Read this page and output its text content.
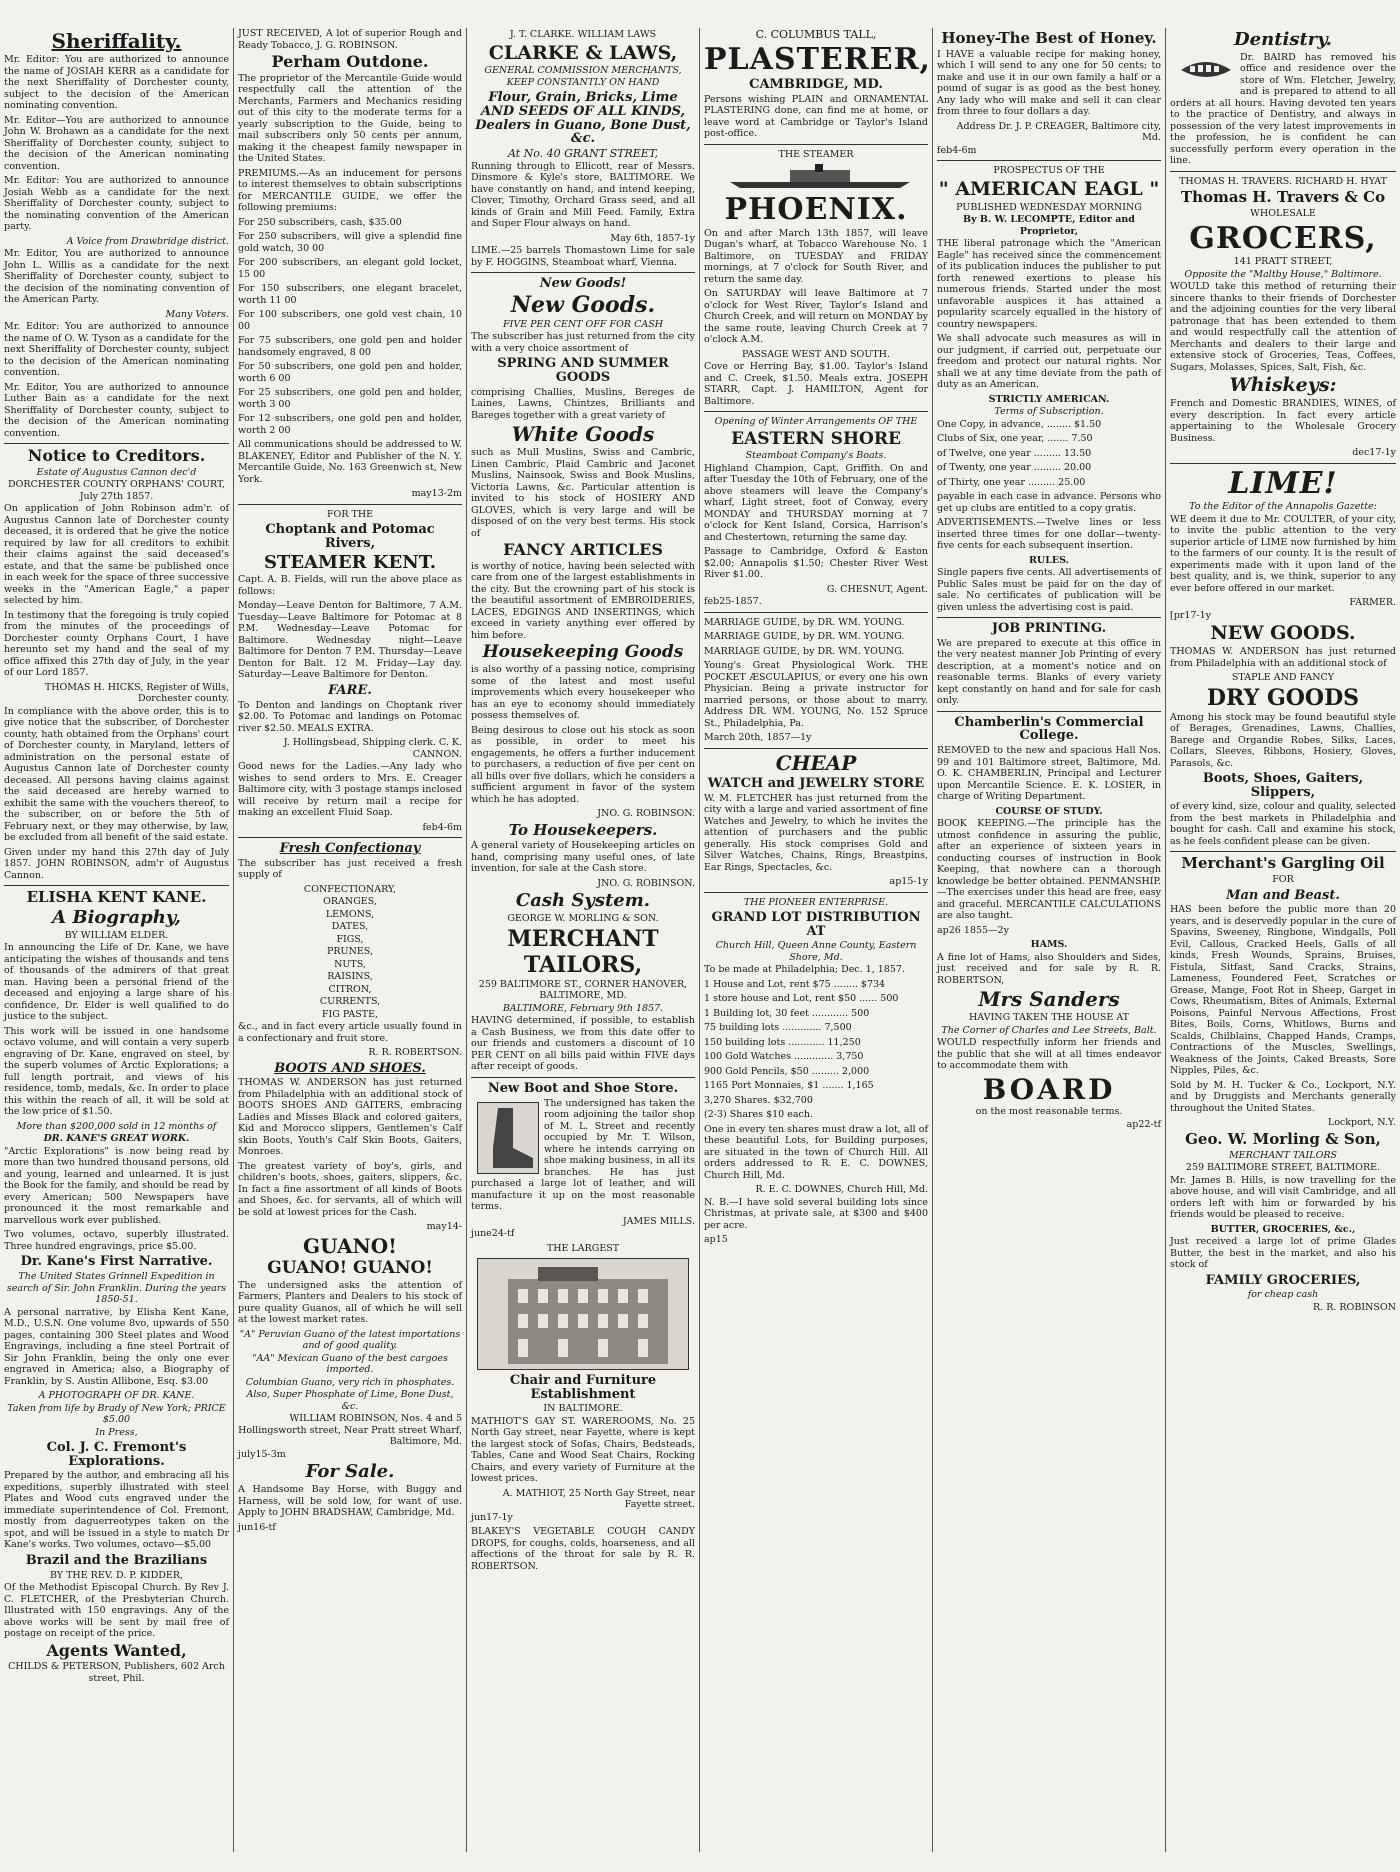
Sheriffality.

Mr. Editor: You are authorized to announce the name of JOSIAH KERR as a candidate for the next Sheriffality of Dorchester county, subject to the decision of the American nominating convention.

Mr. Editor—You are authorized to announce John W. Brohawn as a candidate for the next Sheriffality of Dorchester county, subject to the decision of the American nominating convention.

Mr. Editor: You are authorized to announce Josiah Webb as a candidate for the next Sheriffality of Dorchester county, subject to the nominating convention of the American party.

A Voice from Drawbridge district.

Mr. Editor, You are authorized to announce John L. Willis as a candidate for the next Sheriffality of Dorchester county, subject to the decision of the nominating convention of the American Party.

Many Voters.

Mr. Editor: You are authorized to announce the name of O. W. Tyson as a candidate for the next Sheriffality of Dorchester county, subject to the decision of the American nominating convention.

Mr. Editor, You are authorized to announce Luther Bain as a candidate for the next Sheriffality of Dorchester county, subject to the decision of the American nominating convention.

Notice to Creditors.

Estate of Augustus Cannon dec'd

DORCHESTER COUNTY ORPHANS' COURT, July 27th 1857.

On application of John Robinson adm'r. of Augustus Cannon late of Dorchester county deceased, it is ordered that he give the notice required by law for all creditors to exhibit their claims against the said deceased's estate, and that the same be published once in each week for the space of three successive weeks in the "American Eagle," a paper selected by him.

In testimony that the foregoing is truly copied from the minutes of the proceedings of Dorchester county Orphans Court, I have hereunto set my hand and the seal of my office affixed this 27th day of July, in the year of our Lord 1857.

THOMAS H. HICKS, Register of Wills, Dorchester county.

In compliance with the above order, this is to give notice that the subscriber, of Dorchester county, hath obtained from the Orphans' court of Dorchester county, in Maryland, letters of administration on the personal estate of Augustus Cannon late of Dorchester county deceased. All persons having claims against the said deceased are hereby warned to exhibit the same with the vouchers thereof, to the subscriber, on or before the 5th of February next, or they may otherwise, by law, be excluded from all benefit of the said estate.

Given under my hand this 27th day of July 1857. JOHN ROBINSON, adm'r of Augustus Cannon.

ELISHA KENT KANE.
A Biography,

BY WILLIAM ELDER.

In announcing the Life of Dr. Kane, we have anticipating the wishes of thousands and tens of thousands of the admirers of that great man. Having been a personal friend of the deceased and enjoying a large share of his confidence, Dr. Elder is well qualified to do justice to the subject.

This work will be issued in one handsome octavo volume, and will contain a very superb engraving of Dr. Kane, engraved on steel, by the superb volumes of Arctic Explorations; a full length portrait, and views of his residence, tomb, medals, &c. In order to place this within the reach of all, it will be sold at the low price of $1.50.

More than $200,000 sold in 12 months of

DR. KANE'S GREAT WORK.

"Arctic Explorations" is now being read by more than two hundred thousand persons, old and young, learned and unlearned. It is just the Book for the family, and should be read by every American; 500 Newspapers have pronounced it the most remarkable and marvellous work ever published.

Two volumes, octavo, superbly illustrated. Three hundred engravings, price $5.00.

Dr. Kane's First Narrative.

The United States Grinnell Expedition in search of Sir. John Franklin. During the years 1850-51.

A personal narrative, by Elisha Kent Kane, M.D., U.S.N. One volume 8vo, upwards of 550 pages, containing 300 Steel plates and Wood Engravings, including a fine steel Portrait of Sir John Franklin, being the only one ever engraved in America; also, a Biography of Franklin, by S. Austin Allibone, Esq. $3.00

A PHOTOGRAPH OF DR. KANE.

Taken from life by Brady of New York; PRICE $5.00

In Press,

Col. J. C. Fremont's Explorations.

Prepared by the author, and embracing all his expeditions, superbly illustrated with steel Plates and Wood cuts engraved under the immediate superintendence of Col. Fremont, mostly from daguerreotypes taken on the spot, and will be issued in a style to match Dr Kane's works. Two volumes, octavo—$5.00

Brazil and the Brazilians

BY THE REV. D. P. KIDDER,

Of the Methodist Episcopal Church. By Rev J. C. FLETCHER, of the Presbyterian Church. Illustrated with 150 engravings. Any of the above works will be sent by mail free of postage on receipt of the price.

Agents Wanted,

CHILDS & PETERSON, Publishers, 602 Arch street, Phil.

JUST RECEIVED, A lot of superior Rough and Ready Tobacco, J. G. ROBINSON.

Perham Outdone.

The proprietor of the Mercantile Guide would respectfully call the attention of the Merchants, Farmers and Mechanics residing out of this city to the moderate terms for a yearly subscription to the Guide, being to mail subscribers only 50 cents per annum, making it the cheapest family newspaper in the United States.

PREMIUMS.—As an inducement for persons to interest themselves to obtain subscriptions for MERCANTILE GUIDE, we offer the following premiums:

For 250 subscribers, cash, $35.00

For 250 subscribers, will give a splendid fine gold watch, 30 00

For 200 subscribers, an elegant gold locket, 15 00

For 150 subscribers, one elegant bracelet, worth 11 00

For 100 subscribers, one gold vest chain, 10 00

For 75 subscribers, one gold pen and holder handsomely engraved, 8 00

For 50 subscribers, one gold pen and holder, worth 6 00

For 25 subscribers, one gold pen and holder, worth 3 00

For 12 subscribers, one gold pen and holder, worth 2 00

All communications should be addressed to W. BLAKENEY, Editor and Publisher of the N. Y. Mercantile Guide, No. 163 Greenwich st, New York.

may13-2m

FOR THE

Choptank and Potomac Rivers,
STEAMER KENT.

Capt. A. B. Fields, will run the above place as follows:

Monday—Leave Denton for Baltimore, 7 A.M. Tuesday—Leave Baltimore for Potomac at 8 P.M. Wednesday—Leave Potomac for Baltimore. Wednesday night—Leave Baltimore for Denton 7 P.M. Thursday—Leave Denton for Balt. 12 M. Friday—Lay day. Saturday—Leave Baltimore for Denton.

FARE.

To Denton and landings on Choptank river $2.00. To Potomac and landings on Potomac river $2.50. MEALS EXTRA.

J. Hollingsbead, Shipping clerk. C. K. CANNON.

Good news for the Ladies.—Any lady who wishes to send orders to Mrs. E. Creager Baltimore city, with 3 postage stamps inclosed will receive by return mail a recipe for making an excellent Fluid Soap.

feb4-6m

Fresh Confectionay

The subscriber has just received a fresh supply of

CONFECTIONARY,

ORANGES,

LEMONS,

DATES,

FIGS,

PRUNES,

NUTS,

RAISINS,

CITRON,

CURRENTS,

FIG PASTE,

&c., and in fact every article usually found in a confectionary and fruit store.

R. R. ROBERTSON.

BOOTS AND SHOES.

THOMAS W. ANDERSON has just returned from Philadelphia with an additional stock of BOOTS SHOES AND GAITERS, embracing Ladies and Misses Black and colored gaiters, Kid and Morocco slippers, Gentlemen's Calf skin Boots, Youth's Calf Skin Boots, Gaiters, Monroes.

The greatest variety of boy's, girls, and children's boots, shoes, gaiters, slippers, &c. In fact a fine assortment of all kinds of Boots and Shoes, &c. for servants, all of which will be sold at lowest prices for the Cash.

may14-

GUANO!
GUANO! GUANO!

The undersigned asks the attention of Farmers, Planters and Dealers to his stock of pure quality Guanos, all of which he will sell at the lowest market rates.

"A" Peruvian Guano of the latest importations and of good quality.

"AA" Mexican Guano of the best cargoes imported.

Columbian Guano, very rich in phosphates.

Also, Super Phosphate of Lime, Bone Dust, &c.

WILLIAM ROBINSON, Nos. 4 and 5 Hollingsworth street, Near Pratt street Wharf, Baltimore, Md.

july15-3m

For Sale.

A Handsome Bay Horse, with Buggy and Harness, will be sold low, for want of use. Apply to JOHN BRADSHAW, Cambridge, Md.

jun16-tf

J. T. CLARKE. WILLIAM LAWS

CLARKE & LAWS,

GENERAL COMMISSION MERCHANTS, KEEP CONSTANTLY ON HAND

Flour, Grain, Bricks, Lime AND SEEDS OF ALL KINDS, Dealers in Guano, Bone Dust, &c.

At No. 40 GRANT STREET,

Running through to Ellicott, rear of Messrs. Dinsmore & Kyle's store, BALTIMORE. We have constantly on hand, and intend keeping, Clover, Timothy, Orchard Grass seed, and all kinds of Grain and Mill Feed. Family, Extra and Super Flour always on hand.

May 6th, 1857-1y

LIME.—25 barrels Thomastown Lime for sale by F. HOGGINS, Steamboat wharf, Vienna.

New Goods!
New Goods.

FIVE PER CENT OFF FOR CASH

The subscriber has just returned from the city with a very choice assortment of

SPRING AND SUMMER GOODS

comprising Challies, Muslins, Bereges de Laines, Lawns, Chintzes, Brilliants and Bareges together with a great variety of

White Goods

such as Mull Muslins, Swiss and Cambric, Linen Cambric, Plaid Cambric and Jaconet Muslins, Nainsook, Swiss and Book Muslins, Victoria Lawns, &c. Particular attention is invited to his stock of HOSIERY AND GLOVES, which is very large and will be disposed of on the very best terms. His stock of

FANCY ARTICLES

is worthy of notice, having been selected with care from one of the largest establishments in the city. But the crowning part of his stock is the beautiful assortment of EMBROIDERIES, LACES, EDGINGS AND INSERTINGS, which exceed in variety anything ever offered by him before.

Housekeeping Goods

is also worthy of a passing notice, comprising some of the latest and most useful improvements which every housekeeper who has an eye to economy should immediately possess themselves of.

Being desirous to close out his stock as soon as possible, in order to meet his engagements, he offers a further inducement to purchasers, a reduction of five per cent on all bills over five dollars, which he considers a sufficient argument in favor of the system which he has adopted.

JNO. G. ROBINSON.

To Housekeepers.

A general variety of Housekeeping articles on hand, comprising many useful ones, of late invention, for sale at the Cash store.

JNO. G. ROBINSON.

Cash System.

GEORGE W. MORLING & SON.

MERCHANT
TAILORS,

259 BALTIMORE ST., CORNER HANOVER, BALTIMORE, MD.

BALTIMORE, February 9th 1857.

HAVING determined, if possible, to establish a Cash Business, we from this date offer to our friends and customers a discount of 10 PER CENT on all bills paid within FIVE days after receipt of goods.

New Boot and Shoe Store.

The undersigned has taken the room adjoining the tailor shop of M. L. Street and recently occupied by Mr. T. Wilson, where he intends carrying on shoe making business, in all its branches. He has just purchased a large lot of leather, and will manufacture it up on the most reasonable terms.

JAMES MILLS.

june24-tf

THE LARGEST

Chair and Furniture Establishment

IN BALTIMORE.

MATHIOT'S GAY ST. WAREROOMS, No. 25 North Gay street, near Fayette, where is kept the largest stock of Sofas, Chairs, Bedsteads, Tables, Cane and Wood Seat Chairs, Rocking Chairs, and every variety of Furniture at the lowest prices.

A. MATHIOT, 25 North Gay Street, near Fayette street.

jun17-1y

BLAKEY'S VEGETABLE COUGH CANDY DROPS, for coughs, colds, hoarseness, and all affections of the throat for sale by R. R. ROBERTSON.

C. COLUMBUS TALL,

PLASTERER,
CAMBRIDGE, MD.

Persons wishing PLAIN and ORNAMENTAL PLASTERING done, can find me at home, or leave word at Cambridge or Taylor's Island post-office.

THE STEAMER

PHOENIX.

On and after March 13th 1857, will leave Dugan's wharf, at Tobacco Warehouse No. 1 Baltimore, on TUESDAY and FRIDAY mornings, at 7 o'clock for South River, and return the same day.

On SATURDAY will leave Baltimore at 7 o'clock for West River, Taylor's Island and Church Creek, and will return on MONDAY by the same route, leaving Church Creek at 7 o'clock A.M.

PASSAGE WEST AND SOUTH.

Cove or Herring Bay, $1.00. Taylor's Island and C. Creek, $1.50. Meals extra. JOSEPH STARR, Capt. J. HAMILTON, Agent for Baltimore.

Opening of Winter Arrangements OF THE

EASTERN SHORE

Steamboat Company's Boats.

Highland Champion, Capt. Griffith. On and after Tuesday the 10th of February, one of the above steamers will leave the Company's wharf, Light street, foot of Conway, every MONDAY and THURSDAY morning at 7 o'clock for Kent Island, Corsica, Harrison's and Chestertown, returning the same day.

Passage to Cambridge, Oxford & Easton $2.00; Annapolis $1.50; Chester River West River $1.00.

G. CHESNUT, Agent.

feb25-1857.

MARRIAGE GUIDE, by DR. WM. YOUNG.

MARRIAGE GUIDE, by DR. WM. YOUNG.

MARRIAGE GUIDE, by DR. WM. YOUNG.

Young's Great Physiological Work. THE POCKET ÆSCULAPIUS, or every one his own Physician. Being a private instructor for married persons, or those about to marry. Address DR. WM. YOUNG, No. 152 Spruce St., Philadelphia, Pa.

March 20th, 1857—1y

CHEAP
WATCH and JEWELRY STORE

W. M. FLETCHER has just returned from the city with a large and varied assortment of fine Watches and Jewelry, to which he invites the attention of purchasers and the public generally. His stock comprises Gold and Silver Watches, Chains, Rings, Breastpins, Ear Rings, Spectacles, &c.

ap15-1y

THE PIONEER ENTERPRISE.

GRAND LOT DISTRIBUTION AT

Church Hill, Queen Anne County, Eastern Shore, Md.

To be made at Philadelphia; Dec. 1, 1857.

1 House and Lot, rent $75 ........ $734

1 store house and Lot, rent $50 ...... 500

1 Building lot, 30 feet ............ 500

75 building lots ............. 7,500

150 building lots ............ 11,250

100 Gold Watches ............. 3,750

900 Gold Pencils, $50 ......... 2,000

1165 Port Monnaies, $1 ....... 1,165

3,270 Shares. $32,700

(2-3) Shares $10 each.

One in every ten shares must draw a lot, all of these beautiful Lots, for Building purposes, are situated in the town of Church Hill. All orders addressed to R. E. C. DOWNES, Church Hill, Md.

R. E. C. DOWNES, Church Hill, Md.

N. B.—I have sold several building lots since Christmas, at private sale, at $300 and $400 per acre.

ap15

Honey-The Best of Honey.

I HAVE a valuable recipe for making honey, which I will send to any one for 50 cents; to make and use it in our own family a half or a pound of sugar is as good as the best honey. Any lady who will make and sell it can clear from three to four dollars a day.

Address Dr. J. P. CREAGER, Baltimore city, Md.

feb4-6m

PROSPECTUS OF THE

" AMERICAN EAGL "

PUBLISHED WEDNESDAY MORNING

By B. W. LECOMPTE, Editor and Proprietor,

THE liberal patronage which the "American Eagle" has received since the commencement of its publication induces the publisher to put forth renewed exertions to please his numerous friends. Started under the most unfavorable auspices it has attained a popularity scarcely equalled in the history of country newspapers.

We shall advocate such measures as will in our judgment, if carried out, perpetuate our freedom and protect our natural rights. Nor shall we at any time deviate from the path of duty as an American.

STRICTLY AMERICAN.

Terms of Subscription.

One Copy, in advance, ........ $1.50

Clubs of Six, one year, ....... 7.50

of Twelve, one year ......... 13.50

of Twenty, one year ......... 20.00

of Thirty, one year ......... 25.00

payable in each case in advance. Persons who get up clubs are entitled to a copy gratis.

ADVERTISEMENTS.—Twelve lines or less inserted three times for one dollar—twenty-five cents for each subsequent insertion.

RULES.

Single papers five cents. All advertisements of Public Sales must be paid for on the day of sale. No certificates of publication will be given unless the advertising cost is paid.

JOB PRINTING.

We are prepared to execute at this office in the very neatest manner Job Printing of every description, at a moment's notice and on reasonable terms. Blanks of every variety kept constantly on hand and for sale for cash only.

Chamberlin's Commercial College.

REMOVED to the new and spacious Hall Nos. 99 and 101 Baltimore street, Baltimore, Md. O. K. CHAMBERLIN, Principal and Lecturer upon Mercantile Science. E. K. LOSIER, in charge of Writing Department.

COURSE OF STUDY.

BOOK KEEPING.—The principle has the utmost confidence in assuring the public, after an experience of sixteen years in conducting courses of instruction in Book Keeping, that nowhere can a thorough knowledge be better obtained. PENMANSHIP.—The exercises under this head are free, easy and graceful. MERCANTILE CALCULATIONS are also taught.

ap26 1855—2y

HAMS.

A fine lot of Hams, also Shoulders and Sides, just received and for sale by R. R. ROBERTSON,

Mrs Sanders

HAVING TAKEN THE HOUSE AT

The Corner of Charles and Lee Streets, Balt.

WOULD respectfully inform her friends and the public that she will at all times endeavor to accommodate them with

BOARD

on the most reasonable terms.

ap22-tf

Dentistry.

Dr. BAIRD has removed his office and residence over the store of Wm. Fletcher, Jewelry, and is prepared to attend to all orders at all hours. Having devoted ten years to the practice of Dentistry, and always in possession of the very latest improvements in the profession, he is confident he can successfully perform every operation in the line.

THOMAS H. TRAVERS. RICHARD H. HYAT

Thomas H. Travers & Co

WHOLESALE

GROCERS,

141 PRATT STREET,

Opposite the "Maltby House," Baltimore.

WOULD take this method of returning their sincere thanks to their friends of Dorchester and the adjoining counties for the very liberal patronage that has been extended to them and would respectfully call the attention of Merchants and dealers to their large and extensive stock of Groceries, Teas, Coffees, Sugars, Molasses, Spices, Salt, Fish, &c.

Whiskeys:

French and Domestic BRANDIES, WINES, of every description. In fact every article appertaining to the Wholesale Grocery Business.

dec17-1y

LIME!

To the Editor of the Annapolis Gazette:

WE deem it due to Mr. COULTER, of your city, to invite the public attention to the very superior article of LIME now furnished by him to the farmers of our county. It is the result of experiments made with it upon land of the best quality, and is, we think, superior to any ever before offered in our market.

FARMER.

[pr17-1y

NEW GOODS.

THOMAS W. ANDERSON has just returned from Philadelphia with an additional stock of

STAPLE AND FANCY

DRY GOODS

Among his stock may be found beautiful style of Berages, Grenadines, Lawns, Challies, Barege and Organdie Robes, Silks, Laces, Collars, Sleeves, Ribbons, Hosiery, Gloves, Parasols, &c.

Boots, Shoes, Gaiters, Slippers,

of every kind, size, colour and quality, selected from the best markets in Philadelphia and bought for cash. Call and examine his stock, as he feels confident please can be given.

Merchant's Gargling Oil

FOR

Man and Beast.

HAS been before the public more than 20 years, and is deservedly popular in the cure of Spavins, Sweeney, Ringbone, Windgalls, Poll Evil, Callous, Cracked Heels, Galls of all kinds, Fresh Wounds, Sprains, Bruises, Fistula, Sitfast, Sand Cracks, Strains, Lameness, Foundered Feet, Scratches or Grease, Mange, Foot Rot in Sheep, Garget in Cows, Rheumatism, Bites of Animals, External Poisons, Painful Nervous Affections, Frost Bites, Boils, Corns, Whitlows, Burns and Scalds, Chilblains, Chapped Hands, Cramps, Contractions of the Muscles, Swellings, Weakness of the Joints, Caked Breasts, Sore Nipples, Piles, &c.

Sold by M. H. Tucker & Co., Lockport, N.Y. and by Druggists and Merchants generally throughout the United States.

Lockport, N.Y.

Geo. W. Morling & Son,

MERCHANT TAILORS

259 BALTIMORE STREET, BALTIMORE.

Mr. James B. Hills, is now travelling for the above house, and will visit Cambridge, and all orders left with him or forwarded by his friends would be pleased to receive.

BUTTER, GROCERIES, &c.,

Just received a large lot of prime Glades Butter, the best in the market, and also his stock of

FAMILY GROCERIES,

for cheap cash

R. R. ROBINSON
